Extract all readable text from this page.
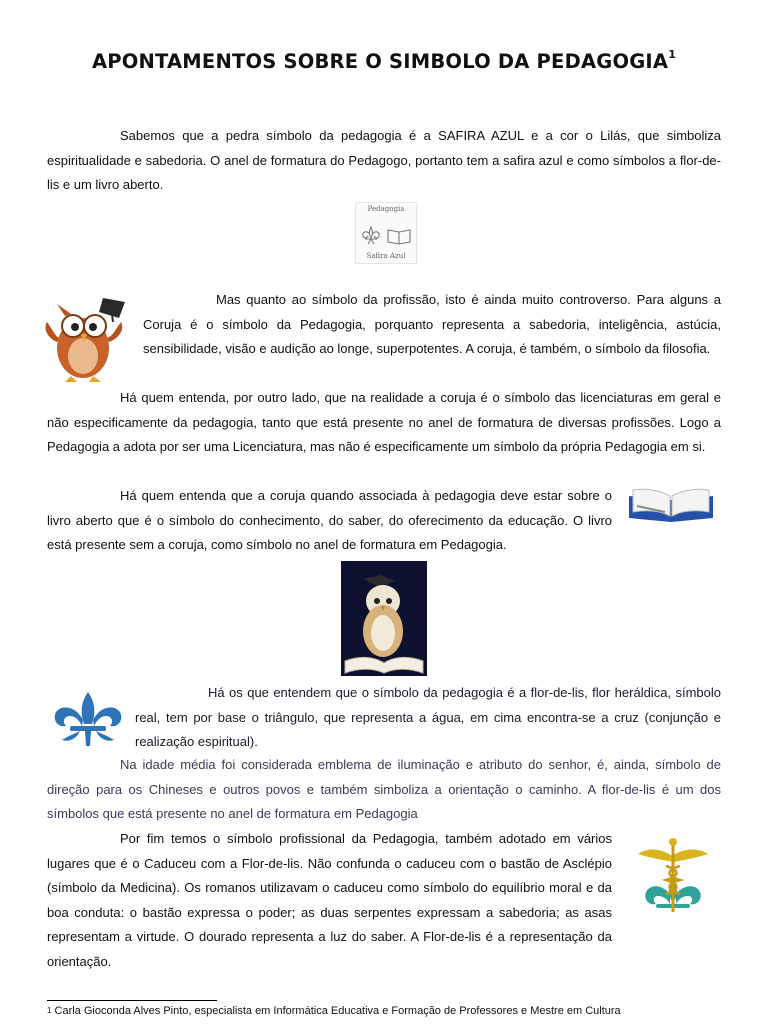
APONTAMENTOS SOBRE O SIMBOLO DA PEDAGOGIA$^1$

Sabemos que a pedra símbolo da pedagogia é a SAFIRA AZUL e a cor o Lilás, que simboliza espiritualidade e sabedoria. O anel de formatura do Pedagogo, portanto tem a safira azul e como símbolos a flor-de-lis e um livro aberto.

Pedagogia
Safira Azul

Mas quanto ao símbolo da profissão, isto é ainda muito controverso. Para alguns a Coruja é o símbolo da Pedagogia, porquanto representa a sabedoria, inteligência, astúcia, sensibilidade, visão e audição ao longe, superpotentes. A coruja, é também, o símbolo da filosofia.

Há quem entenda, por outro lado, que na realidade a coruja é o símbolo das licenciaturas em geral e não especificamente da pedagogia, tanto que está presente no anel de formatura de diversas profissões. Logo a Pedagogia a adota por ser uma Licenciatura, mas não é especificamente um símbolo da própria Pedagogia em si.

Há quem entenda que a coruja quando associada à pedagogia deve estar sobre o livro aberto que é o símbolo do conhecimento, do saber, do oferecimento da educação. O livro está presente sem a coruja, como símbolo no anel de formatura em Pedagogia.

Há os que entendem que o símbolo da pedagogia é a flor-de-lis, flor heráldica, símbolo real, tem por base o triângulo, que representa a água, em cima encontra-se a cruz (conjunção e realização espiritual).

Na idade média foi considerada emblema de iluminação e atributo do senhor, é, ainda, símbolo de direção para os Chineses e outros povos e também simboliza a orientação o caminho. A flor-de-lis é um dos símbolos que está presente no anel de formatura em Pedagogia

Por fim temos o símbolo profissional da Pedagogia, também adotado em vários lugares que é o Caduceu com a Flor-de-lis. Não confunda o caduceu com o bastão de Asclépio (símbolo da Medicina). Os romanos utilizavam o caduceu como símbolo do equilíbrio moral e da boa conduta: o bastão expressa o poder; as duas serpentes expressam a sabedoria; as asas representam a virtude. O dourado representa a luz do saber. A Flor-de-lis é a representação da orientação.

$^1$ Carla Gioconda Alves Pinto, especialista em Informática Educativa e Formação de Professores e Mestre em Cultura
